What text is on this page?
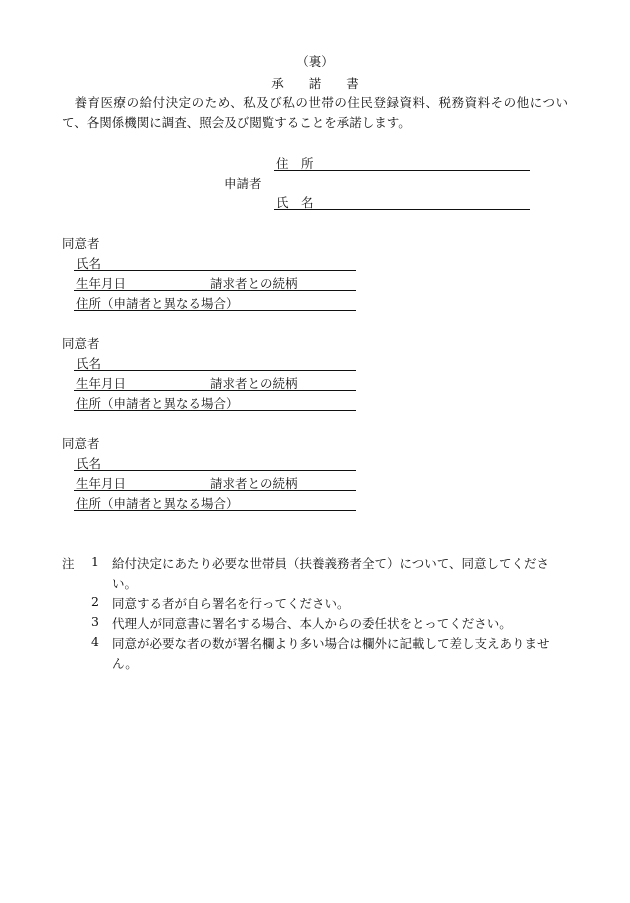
（裏）
承　　諾　　書

養育医療の給付決定のため、私及び私の世帯の住民登録資料、税務資料その他について、各関係機関に調査、照会及び閲覧することを承諾します。

申請者
住　所
氏　名
同意者
氏名
生年月日	請求者との続柄
住所（申請者と異なる場合）
同意者
氏名
生年月日	請求者との続柄
住所（申請者と異なる場合）
同意者
氏名
生年月日	請求者との続柄
住所（申請者と異なる場合）
注 1 給付決定にあたり必要な世帯員（扶養義務者全て）について、同意してください。
2 同意する者が自ら署名を行ってください。
3 代理人が同意書に署名する場合、本人からの委任状をとってください。
4 同意が必要な者の数が署名欄より多い場合は欄外に記載して差し支えありません。
